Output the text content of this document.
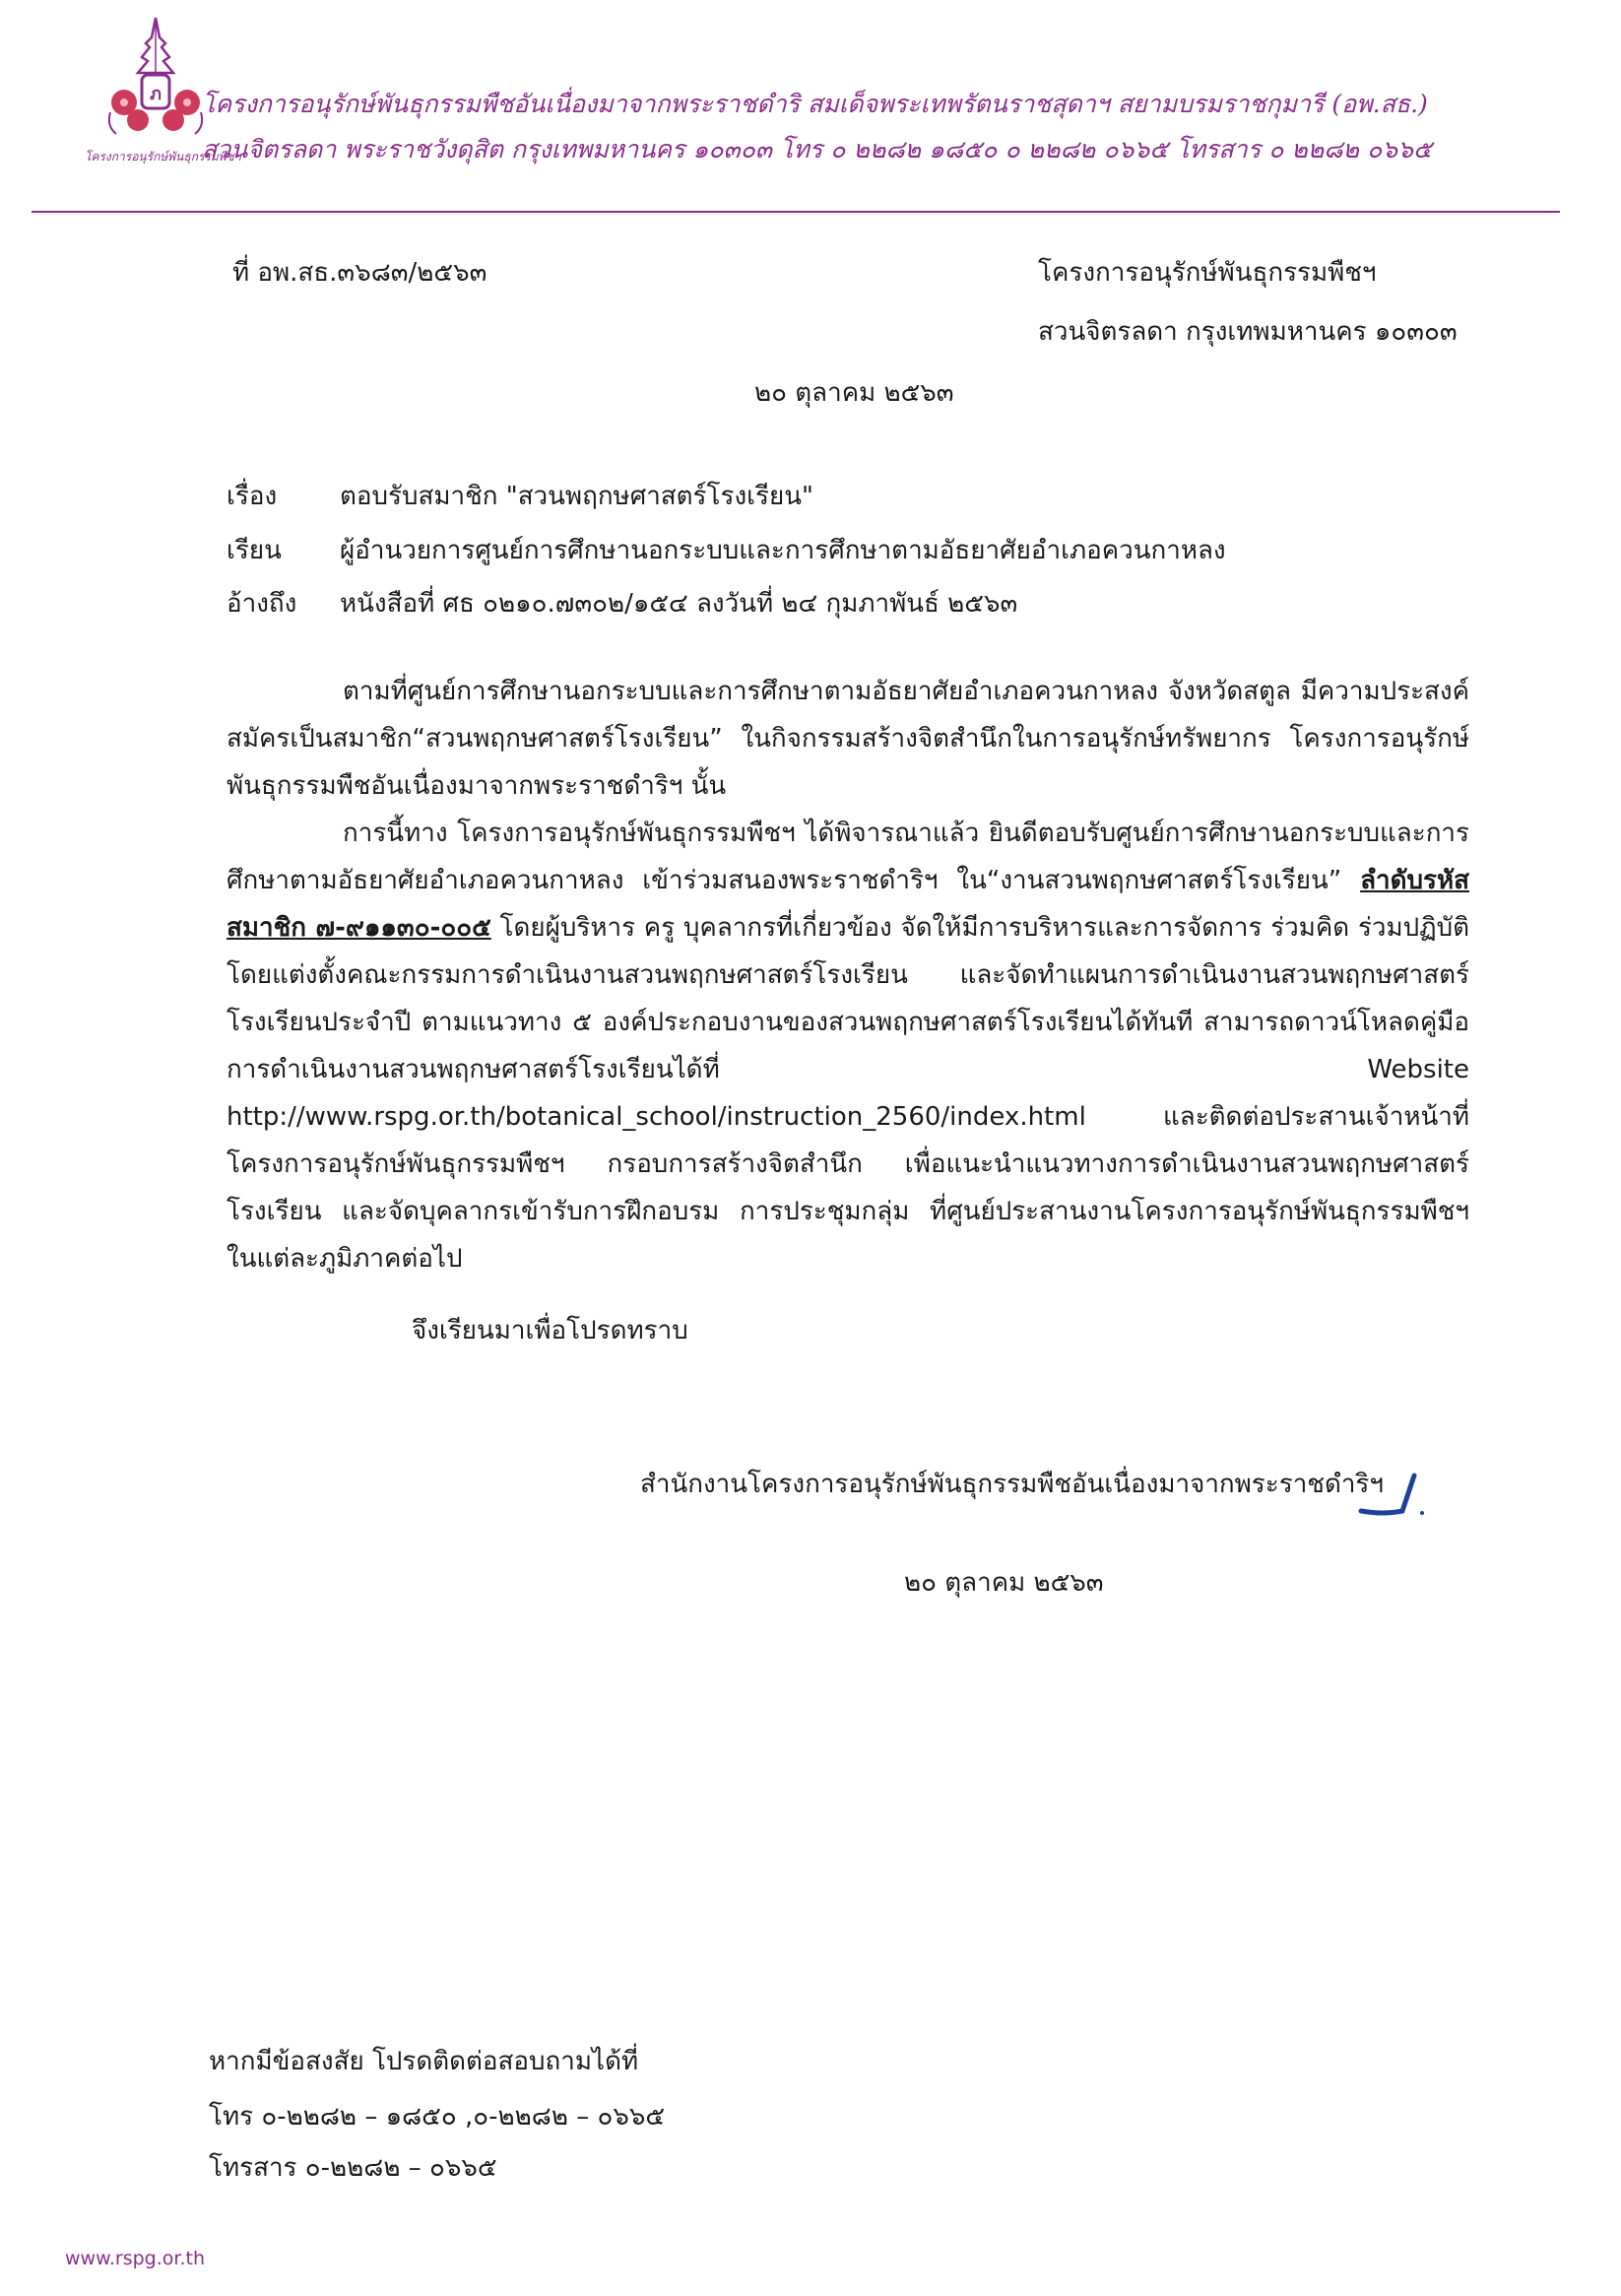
ภ
โครงการอนุรักษ์พันธุกรรมพืชฯ
โครงการอนุรักษ์พันธุกรรมพืชอันเนื่องมาจากพระราชดำริ สมเด็จพระเทพรัตนราชสุดาฯ สยามบรมราชกุมารี (อพ.สธ.)
สวนจิตรลดา พระราชวังดุสิต กรุงเทพมหานคร ๑๐๓๐๓ โทร ๐ ๒๒๘๒ ๑๘๕๐ ๐ ๒๒๘๒ ๐๖๖๕ โทรสาร ๐ ๒๒๘๒ ๐๖๖๕
ที่ อพ.สธ.๓๖๘๓/๒๕๖๓	โครงการอนุรักษ์พันธุกรรมพืชฯ
สวนจิตรลดา กรุงเทพมหานคร ๑๐๓๐๓
๒๐ ตุลาคม ๒๕๖๓
เรื่อง ตอบรับสมาชิก "สวนพฤกษศาสตร์โรงเรียน"
เรียน ผู้อำนวยการศูนย์การศึกษานอกระบบและการศึกษาตามอัธยาศัยอำเภอควนกาหลง
อ้างถึง หนังสือที่ ศธ ๐๒๑๐.๗๓๐๒/๑๕๔ ลงวันที่ ๒๔ กุมภาพันธ์ ๒๕๖๓

ตามที่ศูนย์การศึกษานอกระบบและการศึกษาตามอัธยาศัยอำเภอควนกาหลง จังหวัดสตูล มีความประสงค์สมัครเป็นสมาชิก“สวนพฤกษศาสตร์โรงเรียน” ในกิจกรรมสร้างจิตสำนึกในการอนุรักษ์ทรัพยากร โครงการอนุรักษ์พันธุกรรมพืชอันเนื่องมาจากพระราชดำริฯ นั้น

การนี้ทาง โครงการอนุรักษ์พันธุกรรมพืชฯ ได้พิจารณาแล้ว ยินดีตอบรับศูนย์การศึกษานอกระบบและการศึกษาตามอัธยาศัยอำเภอควนกาหลง เข้าร่วมสนองพระราชดำริฯ ใน“งานสวนพฤกษศาสตร์โรงเรียน” ลำดับรหัสสมาชิก ๗-๙๑๑๓๐-๐๐๕ โดยผู้บริหาร ครู บุคลากรที่เกี่ยวข้อง จัดให้มีการบริหารและการจัดการ ร่วมคิด ร่วมปฏิบัติ โดยแต่งตั้งคณะกรรมการดำเนินงานสวนพฤกษศาสตร์โรงเรียน และจัดทำแผนการดำเนินงานสวนพฤกษศาสตร์โรงเรียนประจำปี ตามแนวทาง ๕ องค์ประกอบงานของสวนพฤกษศาสตร์โรงเรียนได้ทันที สามารถดาวน์โหลดคู่มือการดำเนินงานสวนพฤกษศาสตร์โรงเรียนได้ที่ Website http://www.rspg.or.th/botanical_school/instruction_2560/index.html และติดต่อประสานเจ้าหน้าที่ โครงการอนุรักษ์พันธุกรรมพืชฯ กรอบการสร้างจิตสำนึก เพื่อแนะนำแนวทางการดำเนินงานสวนพฤกษศาสตร์โรงเรียน และจัดบุคลากรเข้ารับการฝึกอบรม การประชุมกลุ่ม ที่ศูนย์ประสานงานโครงการอนุรักษ์พันธุกรรมพืชฯ ในแต่ละภูมิภาคต่อไป

จึงเรียนมาเพื่อโปรดทราบ
สำนักงานโครงการอนุรักษ์พันธุกรรมพืชอันเนื่องมาจากพระราชดำริฯ
๒๐ ตุลาคม ๒๕๖๓
หากมีข้อสงสัย โปรดติดต่อสอบถามได้ที่
โทร ๐-๒๒๘๒ – ๑๘๕๐ ,๐-๒๒๘๒ – ๐๖๖๕
โทรสาร ๐-๒๒๘๒ – ๐๖๖๕
www.rspg.or.th
